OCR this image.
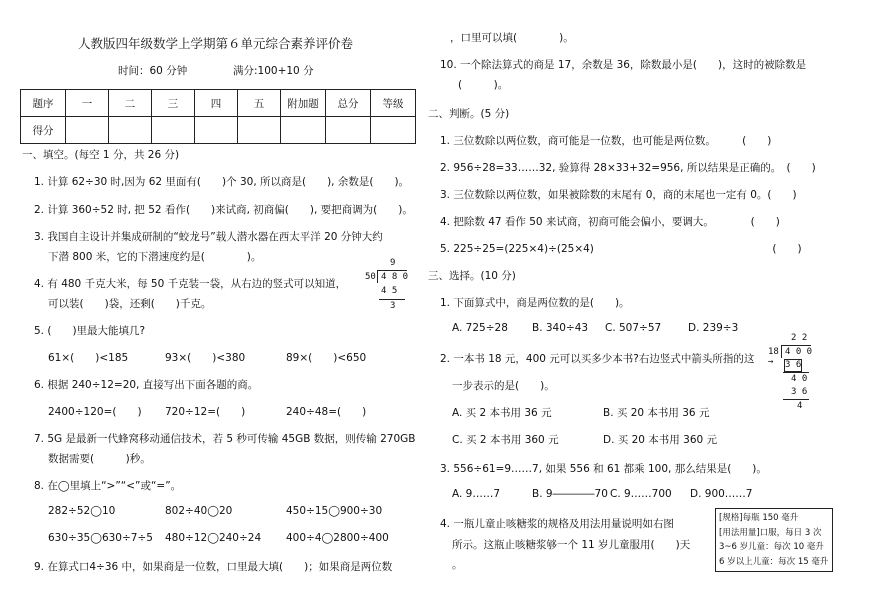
人教版四年级数学上学期第６单元综合素养评价卷
时间：60 分钟	满分:100+10 分
题序	一	二	三	四	五	附加题	总分	等级
得分								
一、填空。(每空 1 分，共 26 分)
1. 计算 62÷30 时,因为 62 里面有(　　)个 30, 所以商是(　　), 余数是(　　)。
2. 计算 360÷52 时, 把 52 看作(　　)来试商, 初商偏(　　), 要把商调为(　　)。
3. 我国自主设计并集成研制的“蛟龙号”载人潜水器在西太平洋 20 分钟大约
下潜 800 米，它的下潜速度约是(　　　　)。
4. 有 480 千克大米，每 50 千克装一袋，从右边的竖式可以知道，
可以装(　　)袋，还剩(　　)千克。
9
50 4 8 0
4 5
3
5. (　　)里最大能填几?
61×(　　)<185	93×(　　)<380	89×(　　)<650
6. 根据 240÷12=20, 直接写出下面各题的商。
2400÷120=(　　) 720÷12=(　　)	240÷48=(　　)
7. 5G 是最新一代蜂窝移动通信技术，若 5 秒可传输 45GB 数据，则传输 270GB
数据需要(　　　)秒。
8. 在◯里填上“>”“<”或“=”。
282÷52◯10	802÷40◯20	450÷15◯900÷30
630÷35◯630÷7÷5 480÷12◯240÷24 400÷4◯2800÷400
9. 在算式口4÷36 中，如果商是一位数，口里最大填(　　)；如果商是两位数
，口里可以填(　　　　)。
10. 一个除法算式的商是 17，余数是 36，除数最小是(　　)，这时的被除数是
(　　　)。
二、判断。(5 分)
1. 三位数除以两位数，商可能是一位数，也可能是两位数。　　　(　　)
2. 956÷28=33……32, 验算得 28×33+32=956, 所以结果是正确的。　(　　)
3. 三位数除以两位数，如果被除数的末尾有 0，商的末尾也一定有 0。(　　)
4. 把除数 47 看作 50 来试商，初商可能会偏小，要调大。　　　　(　　)
5. 225÷25=(225×4)÷(25×4)　　　　　　　　　　　　　　　　　(　　)
三、选择。(10 分)
1. 下面算式中，商是两位数的是(　　)。
A. 725÷28 B. 340÷43 C. 507÷57	D. 239÷3
2. 一本书 18 元，400 元可以买多少本书?右边竖式中箭头所指的这
一步表示的是(　　)。
A. 买 2 本书用 36 元	B. 买 20 本书用 36 元
C. 买 2 本书用 360 元	D. 买 20 本书用 360 元
2 2
18 4 0 0
3 6
→
4 0
3 6
4
3. 556÷61=9……7, 如果 556 和 61 都乘 100, 那么结果是(　　)。
A. 9……7	B. 9――――70 C. 9……700 D. 900……7
4. 一瓶儿童止咳糖浆的规格及用法用量说明如右图
所示。这瓶止咳糖浆够一个 11 岁儿童服用(　　)天
。
[规格]每瓶 150 毫升
[用法用量]口服，每日 3 次
3~6 岁儿童：每次 10 毫升
6 岁以上儿童：每次 15 毫升
